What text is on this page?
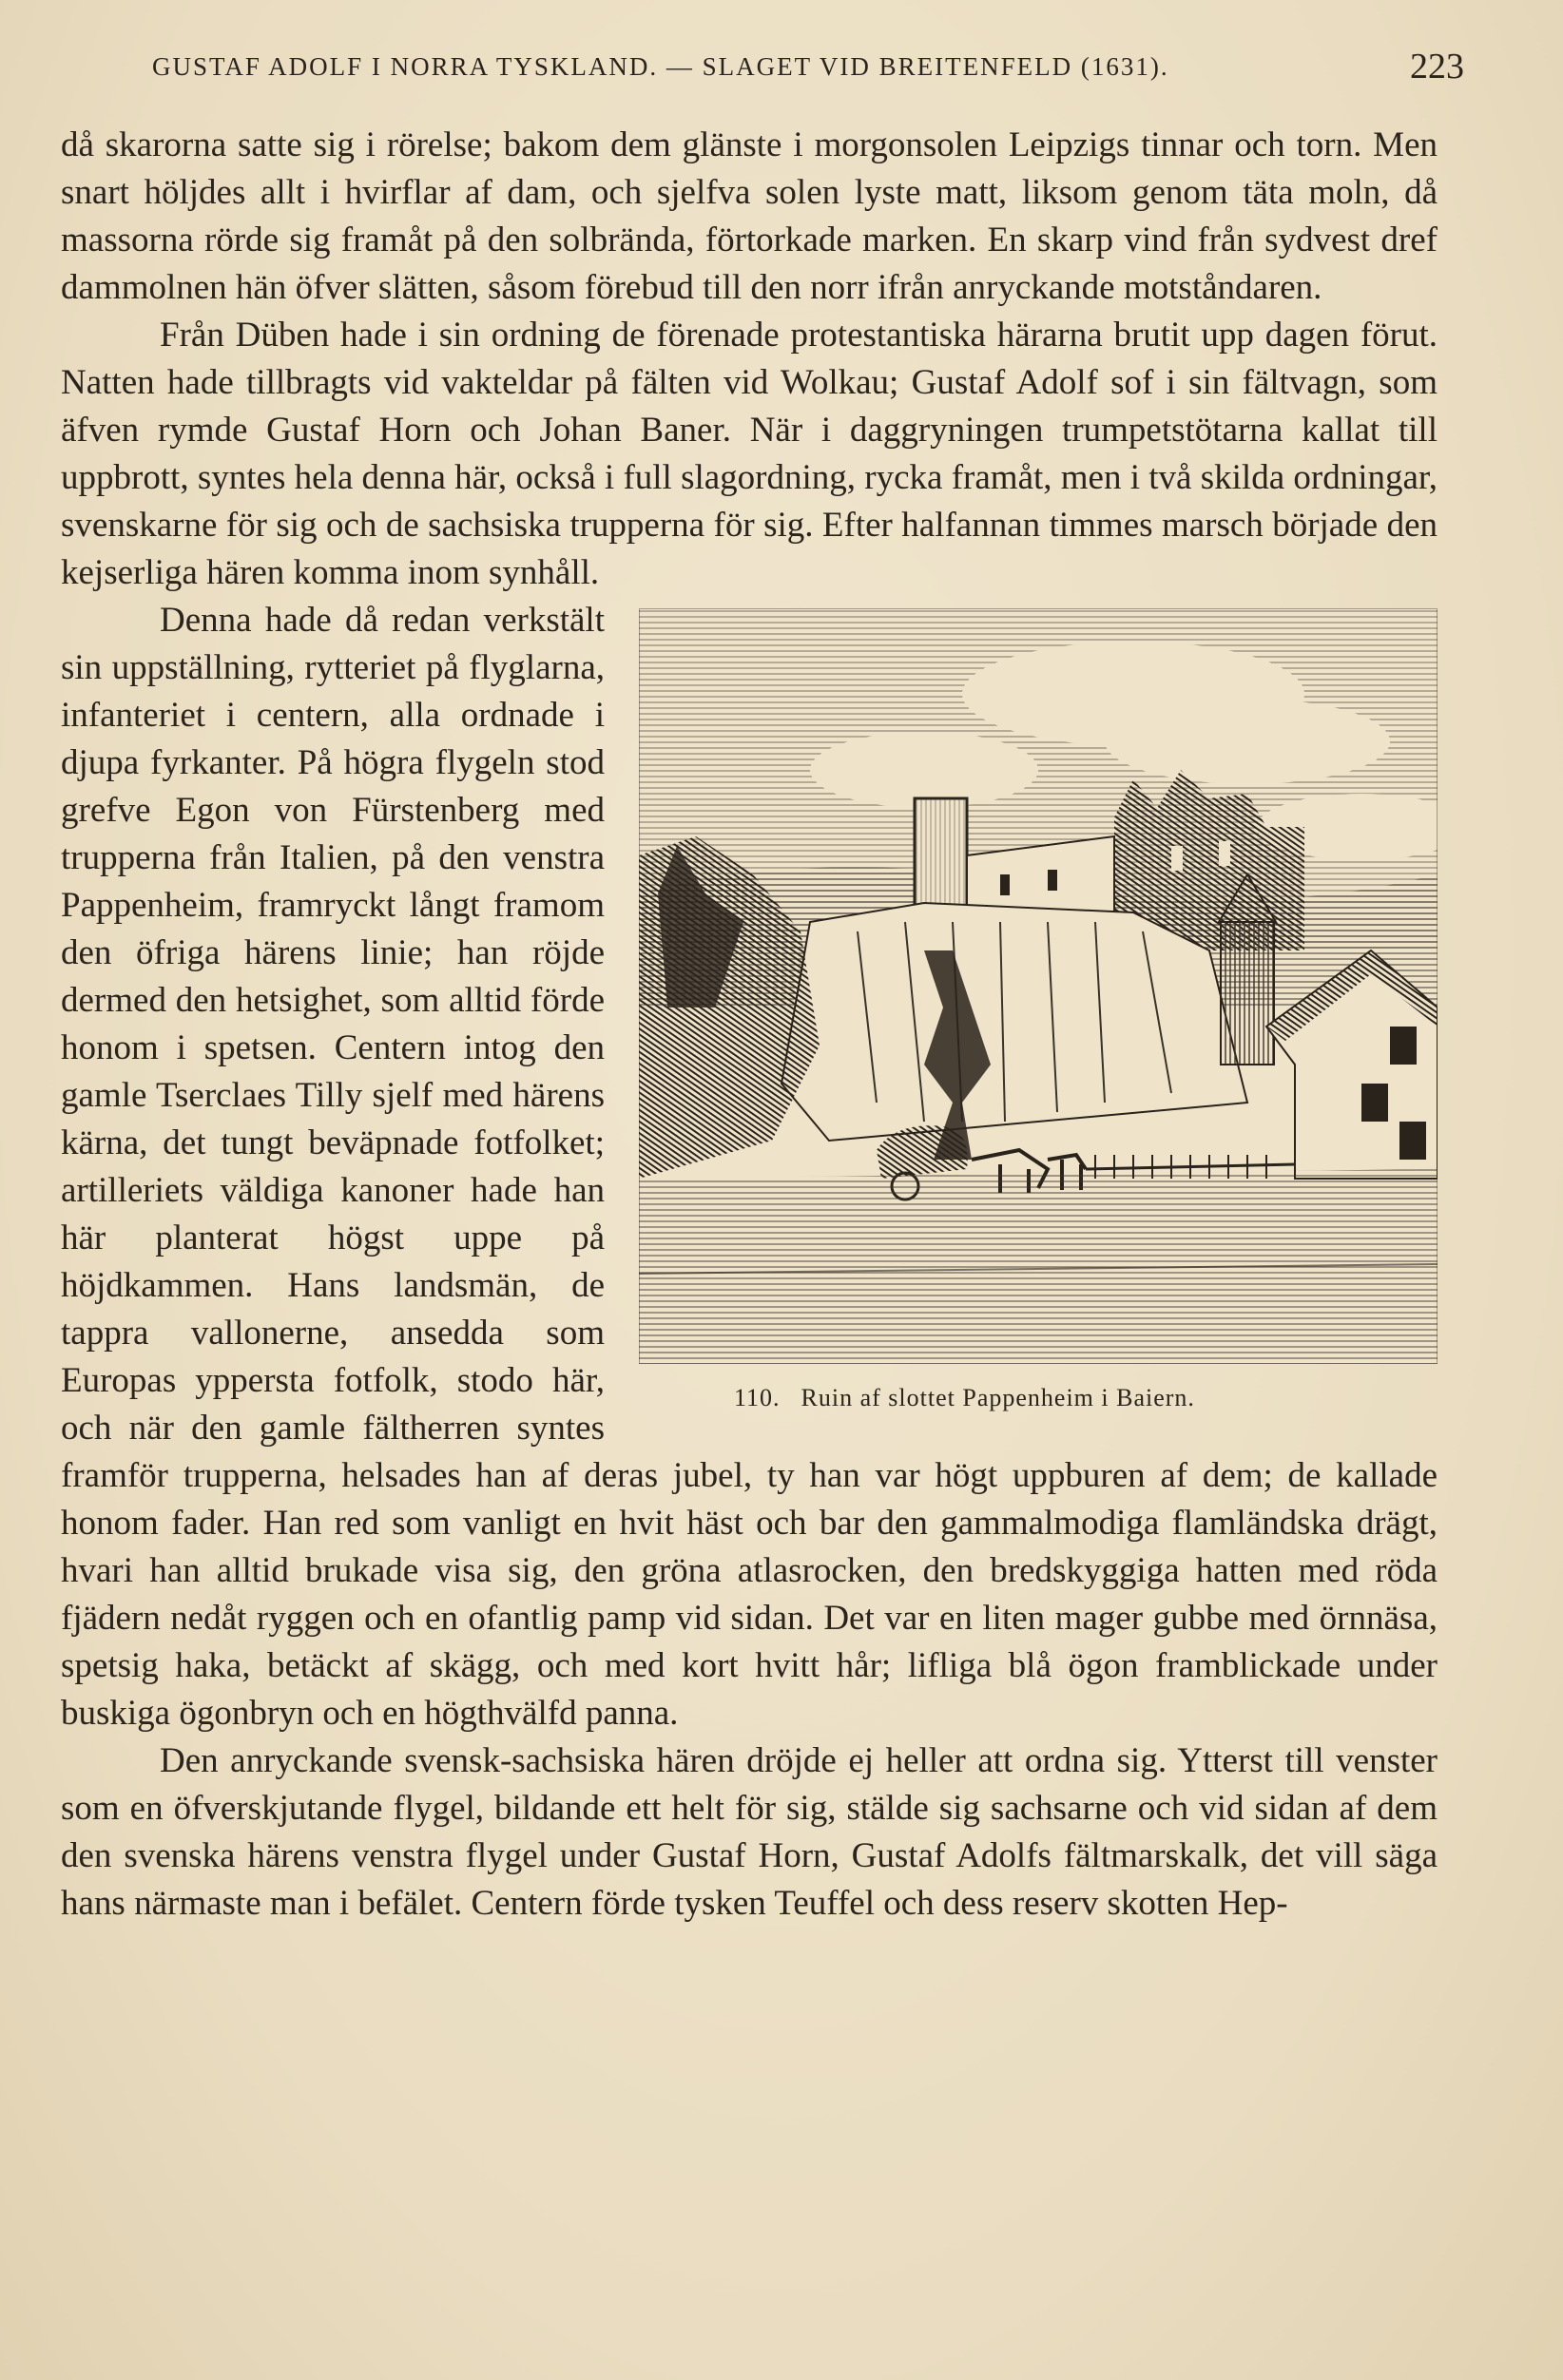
GUSTAF ADOLF I NORRA TYSKLAND. — SLAGET VID BREITENFELD (1631).	223

då skarorna satte sig i rörelse; bakom dem glänste i morgonsolen Leipzigs tinnar och torn. Men snart höljdes allt i hvirflar af dam, och sjelfva solen lyste matt, liksom genom täta moln, då massorna rörde sig framåt på den solbrända, förtorkade marken. En skarp vind från sydvest dref dammolnen hän öfver slätten, såsom förebud till den norr ifrån anryckande motståndaren.

Från Düben hade i sin ordning de förenade protestantiska härarna brutit upp dagen förut. Natten hade tillbragts vid vakteldar på fälten vid Wolkau; Gustaf Adolf sof i sin fältvagn, som äfven rymde Gustaf Horn och Johan Baner. När i daggryningen trumpetstötarna kallat till uppbrott, syntes hela denna här, också i full slagordning, rycka framåt, men i två skilda ordningar, svenskarne för sig och de sachsiska trupperna för sig. Efter halfannan timmes marsch började den kejserliga hären komma inom synhåll.

110. Ruin af slottet Pappenheim i Baiern.

Denna hade då redan verkstält sin uppställning, rytteriet på flyglarna, infanteriet i centern, alla ordnade i djupa fyrkanter. På högra flygeln stod grefve Egon von Fürstenberg med trupperna från Italien, på den venstra Pappenheim, framryckt långt framom den öfriga härens linie; han röjde dermed den hetsighet, som alltid förde honom i spetsen. Centern intog den gamle Tserclaes Tilly sjelf med härens kärna, det tungt beväpnade fotfolket; artilleriets väldiga kanoner hade han här planterat högst uppe på höjdkammen. Hans landsmän, de tappra vallonerne, ansedda som Europas yppersta fotfolk, stodo här, och när den gamle fältherren syntes framför trupperna, helsades han af deras jubel, ty han var högt uppburen af dem; de kallade honom fader. Han red som vanligt en hvit häst och bar den gammalmodiga flamländska drägt, hvari han alltid brukade visa sig, den gröna atlasrocken, den bredskyggiga hatten med röda fjädern nedåt ryggen och en ofantlig pamp vid sidan. Det var en liten mager gubbe med örnnäsa, spetsig haka, betäckt af skägg, och med kort hvitt hår; lifliga blå ögon framblickade under buskiga ögonbryn och en högthvälfd panna.

Den anryckande svensk-sachsiska hären dröjde ej heller att ordna sig. Ytterst till venster som en öfverskjutande flygel, bildande ett helt för sig, stälde sig sachsarne och vid sidan af dem den svenska härens venstra flygel under Gustaf Horn, Gustaf Adolfs fältmarskalk, det vill säga hans närmaste man i befälet. Centern förde tysken Teuffel och dess reserv skotten Hep-
